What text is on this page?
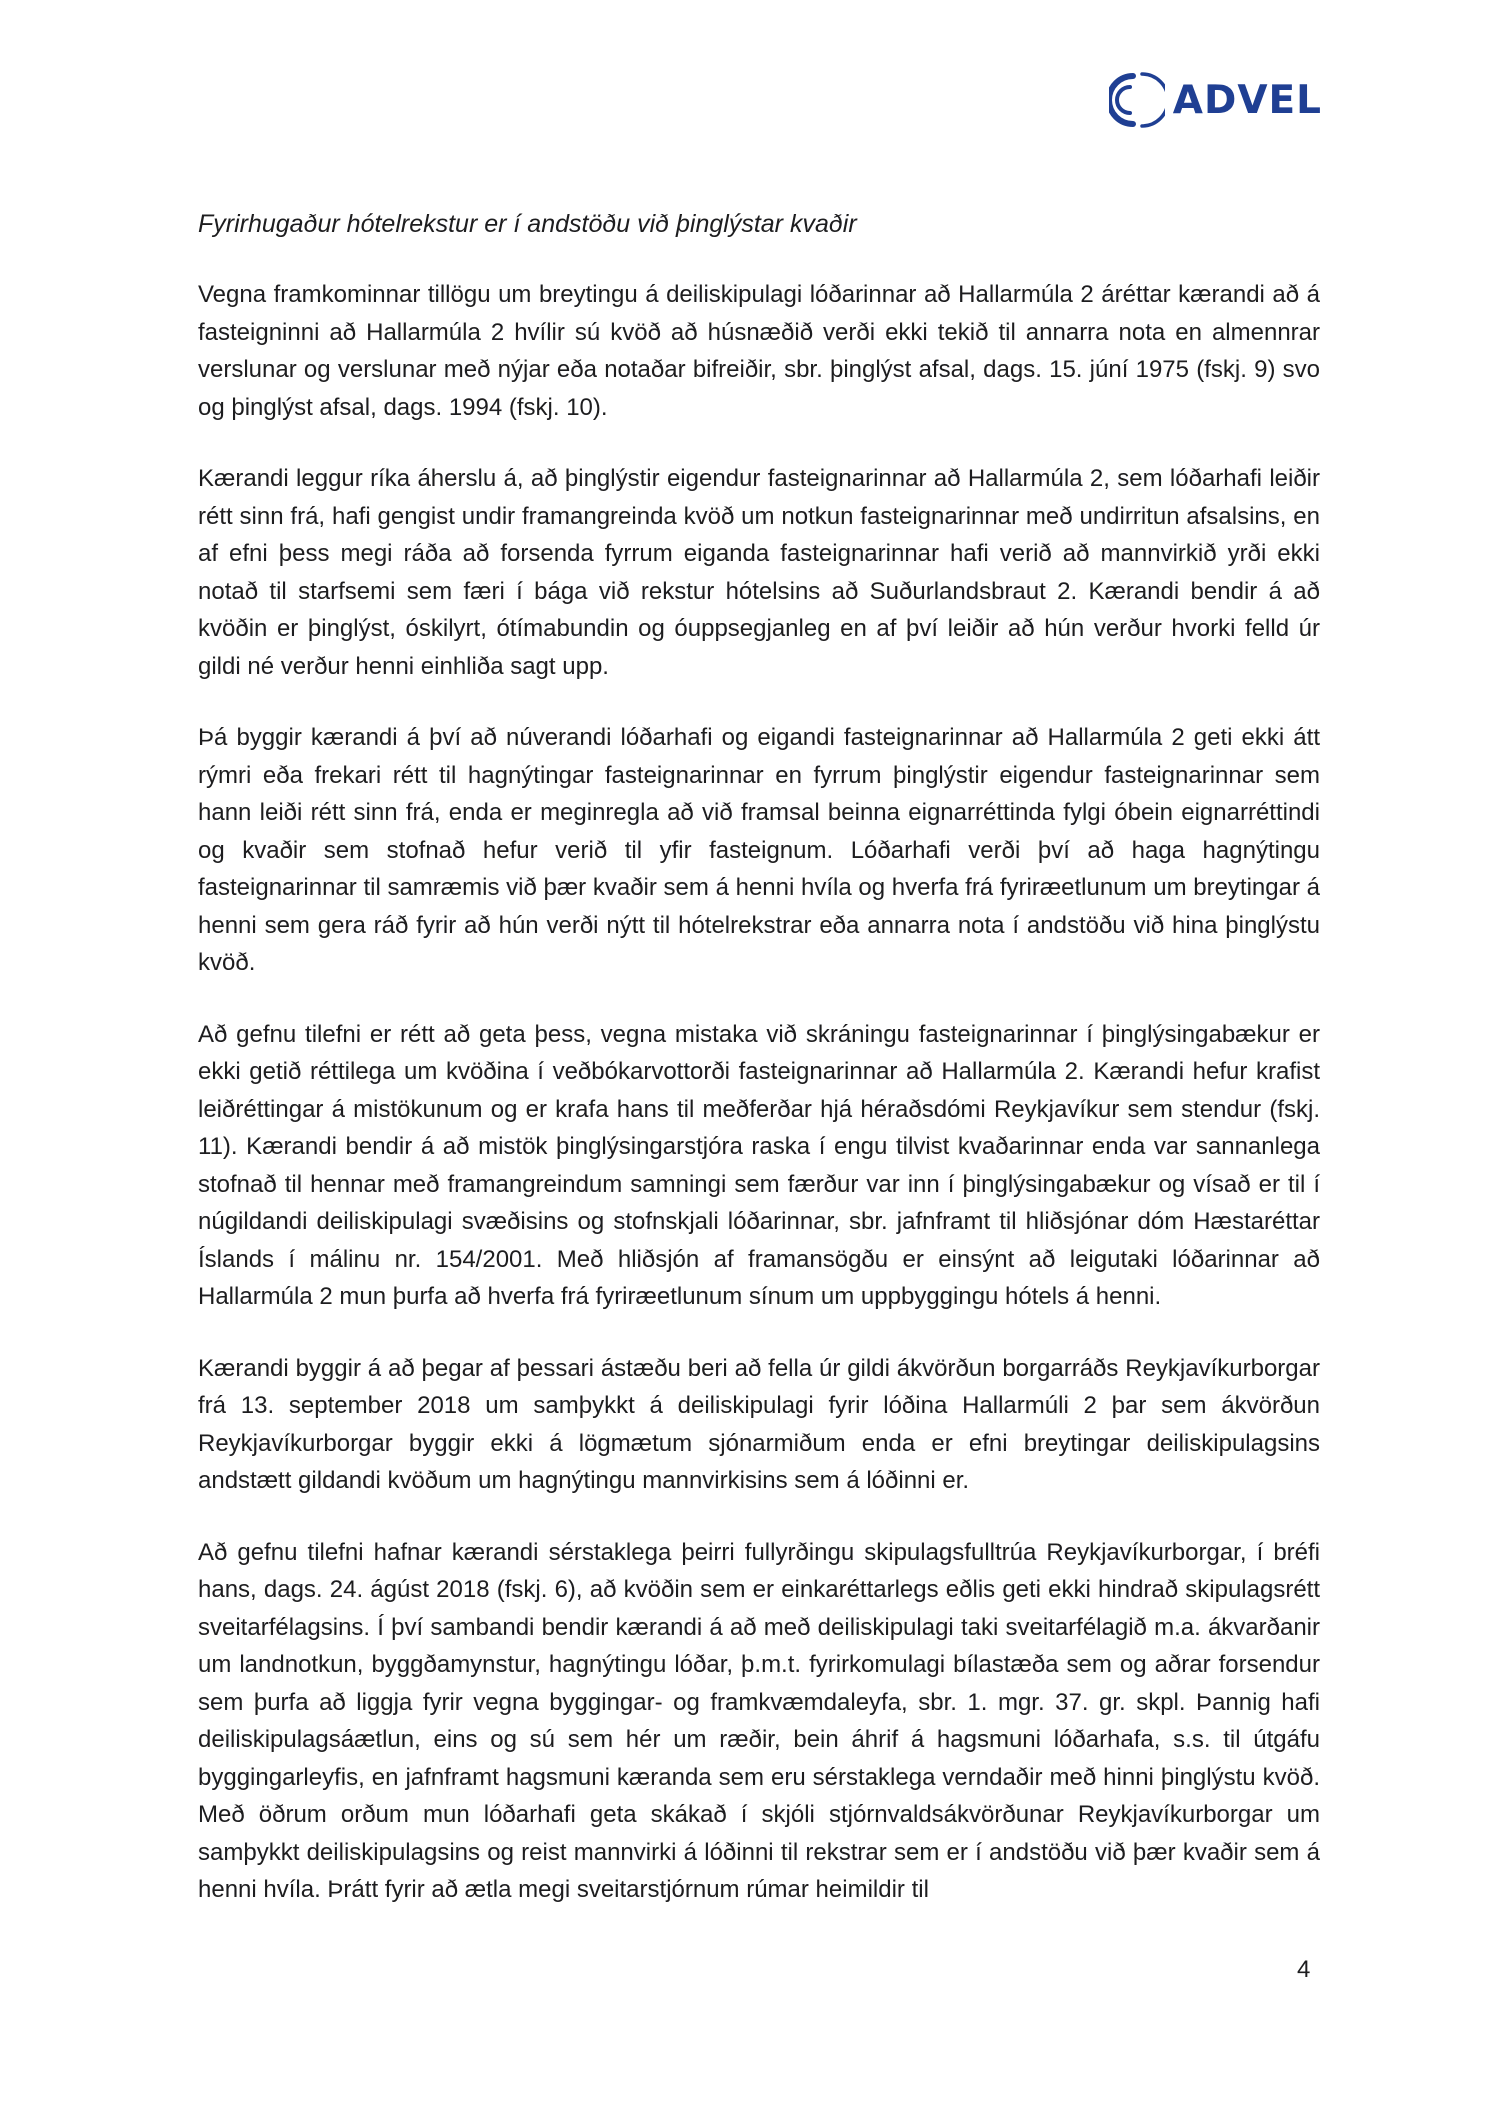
ADVEL
Fyrirhugaður hótelrekstur er í andstöðu við þinglýstar kvaðir
Vegna framkominnar tillögu um breytingu á deiliskipulagi lóðarinnar að Hallarmúla 2 áréttar kærandi að á fasteigninni að Hallarmúla 2 hvílir sú kvöð að húsnæðið verði ekki tekið til annarra nota en almennrar verslunar og verslunar með nýjar eða notaðar bifreiðir, sbr. þinglýst afsal, dags. 15. júní 1975 (fskj. 9) svo og þinglýst afsal, dags. 1994 (fskj. 10).
Kærandi leggur ríka áherslu á, að þinglýstir eigendur fasteignarinnar að Hallarmúla 2, sem lóðarhafi leiðir rétt sinn frá, hafi gengist undir framangreinda kvöð um notkun fasteignarinnar með undirritun afsalsins, en af efni þess megi ráða að forsenda fyrrum eiganda fasteignarinnar hafi verið að mannvirkið yrði ekki notað til starfsemi sem færi í bága við rekstur hótelsins að Suðurlandsbraut 2. Kærandi bendir á að kvöðin er þinglýst, óskilyrt, ótímabundin og óuppsegjanleg en af því leiðir að hún verður hvorki felld úr gildi né verður henni einhliða sagt upp.
Þá byggir kærandi á því að núverandi lóðarhafi og eigandi fasteignarinnar að Hallarmúla 2 geti ekki átt rýmri eða frekari rétt til hagnýtingar fasteignarinnar en fyrrum þinglýstir eigendur fasteignarinnar sem hann leiði rétt sinn frá, enda er meginregla að við framsal beinna eignarréttinda fylgi óbein eignarréttindi og kvaðir sem stofnað hefur verið til yfir fasteignum. Lóðarhafi verði því að haga hagnýtingu fasteignarinnar til samræmis við þær kvaðir sem á henni hvíla og hverfa frá fyriræetlunum um breytingar á henni sem gera ráð fyrir að hún verði nýtt til hótelrekstrar eða annarra nota í andstöðu við hina þinglýstu kvöð.
Að gefnu tilefni er rétt að geta þess, vegna mistaka við skráningu fasteignarinnar í þinglýsingabækur er ekki getið réttilega um kvöðina í veðbókarvottorði fasteignarinnar að Hallarmúla 2. Kærandi hefur krafist leiðréttingar á mistökunum og er krafa hans til meðferðar hjá héraðsdómi Reykjavíkur sem stendur (fskj. 11). Kærandi bendir á að mistök þinglýsingarstjóra raska í engu tilvist kvaðarinnar enda var sannanlega stofnað til hennar með framangreindum samningi sem færður var inn í þinglýsingabækur og vísað er til í núgildandi deiliskipulagi svæðisins og stofnskjali lóðarinnar, sbr. jafnframt til hliðsjónar dóm Hæstaréttar Íslands í málinu nr. 154/2001. Með hliðsjón af framansögðu er einsýnt að leigutaki lóðarinnar að Hallarmúla 2 mun þurfa að hverfa frá fyriræetlunum sínum um uppbyggingu hótels á henni.
Kærandi byggir á að þegar af þessari ástæðu beri að fella úr gildi ákvörðun borgarráðs Reykjavíkurborgar frá 13. september 2018 um samþykkt á deiliskipulagi fyrir lóðina Hallarmúli 2 þar sem ákvörðun Reykjavíkurborgar byggir ekki á lögmætum sjónarmiðum enda er efni breytingar deiliskipulagsins andstætt gildandi kvöðum um hagnýtingu mannvirkisins sem á lóðinni er.
Að gefnu tilefni hafnar kærandi sérstaklega þeirri fullyrðingu skipulagsfulltrúa Reykjavíkurborgar, í bréfi hans, dags. 24. ágúst 2018 (fskj. 6), að kvöðin sem er einkaréttarlegs eðlis geti ekki hindrað skipulagsrétt sveitarfélagsins. Í því sambandi bendir kærandi á að með deiliskipulagi taki sveitarfélagið m.a. ákvarðanir um landnotkun, byggðamynstur, hagnýtingu lóðar, þ.m.t. fyrirkomulagi bílastæða sem og aðrar forsendur sem þurfa að liggja fyrir vegna byggingar- og framkvæmdaleyfa, sbr. 1. mgr. 37. gr. skpl. Þannig hafi deiliskipulagsáætlun, eins og sú sem hér um ræðir, bein áhrif á hagsmuni lóðarhafa, s.s. til útgáfu byggingarleyfis, en jafnframt hagsmuni kæranda sem eru sérstaklega verndaðir með hinni þinglýstu kvöð. Með öðrum orðum mun lóðarhafi geta skákað í skjóli stjórnvaldsákvörðunar Reykjavíkurborgar um samþykkt deiliskipulagsins og reist mannvirki á lóðinni til rekstrar sem er í andstöðu við þær kvaðir sem á henni hvíla. Þrátt fyrir að ætla megi sveitarstjórnum rúmar heimildir til
4
